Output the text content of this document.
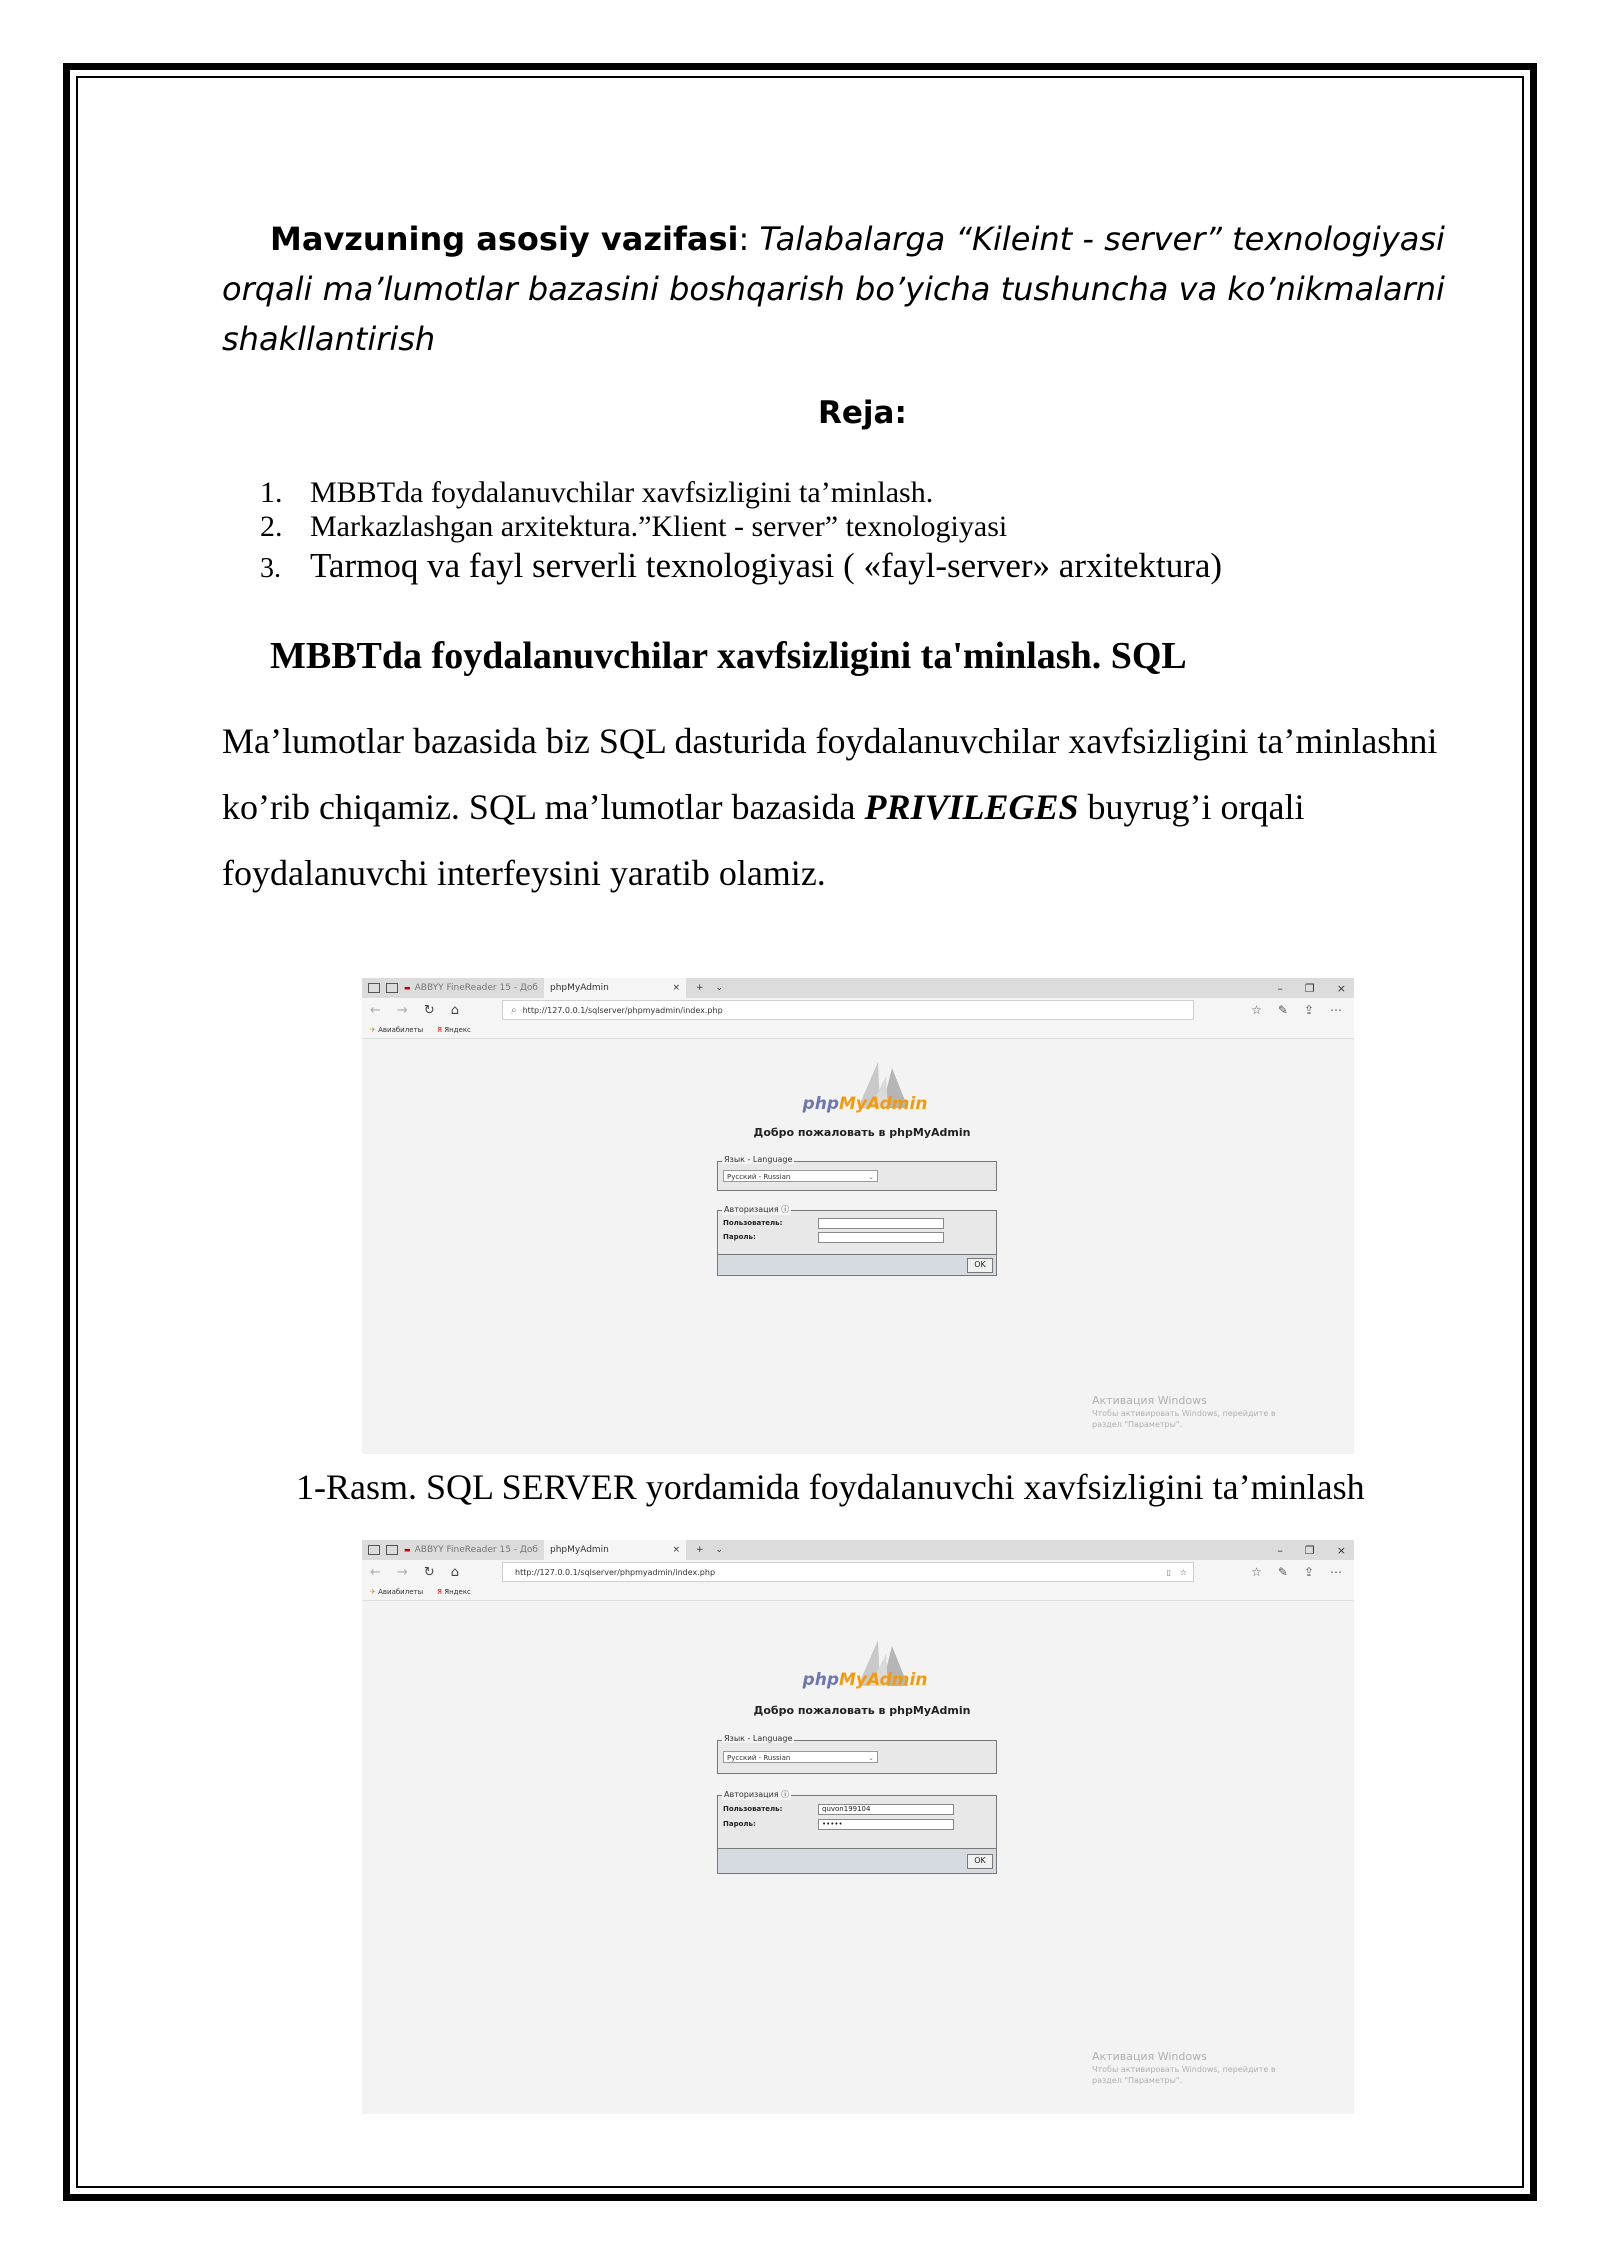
Mavzuning asosiy vazifasi: Talabalarga “Kileint - server” texnologiyasi orqali ma’lumotlar bazasini boshqarish bo’yicha tushuncha va ko’nikmalarni shakllantirish
Reja:
1. MBBTda foydalanuvchilar xavfsizligini ta’minlash.
2. Markazlashgan arxitektura.”Klient - server” texnologiyasi
3. Tarmoq va fayl serverli texnologiyasi ( «fayl-server» arxitektura)
MBBTda foydalanuvchilar xavfsizligini ta'minlash. SQL
Ma’lumotlar bazasida biz SQL dasturida foydalanuvchilar xavfsizligini ta’minlashni ko’rib chiqamiz. SQL ma’lumotlar bazasida PRIVILEGES buyrug’i orqali foydalanuvchi interfeysini yaratib olamiz.
▬ ABBYY FineReader 15 - Доб phpMyAdmin	× + ⌄	– ❐ ×
← → ↻ ⌂	⌕ http://127.0.0.1/sqlserver/phpmyadmin/index.php	☆ ✎ ⇪ ⋯
✈ Авиабилеты Я Яндекс
phpMyAdmin
Добро пожаловать в phpMyAdmin
Язык - Language
Русский - Russian	⌄
Авторизация ⓘ
Пользователь:
Пароль:
OK
Активация Windows
Чтобы активировать Windows, перейдите в
раздел "Параметры".
1-Rasm. SQL SERVER yordamida foydalanuvchi xavfsizligini ta’minlash
▬ ABBYY FineReader 15 - Доб phpMyAdmin	× + ⌄	– ❐ ×
← → ↻ ⌂	http://127.0.0.1/sqlserver/phpmyadmin/index.php	▯ ☆	☆ ✎ ⇪ ⋯
✈ Авиабилеты Я Яндекс
phpMyAdmin
Добро пожаловать в phpMyAdmin
Язык - Language
Русский - Russian	⌄
Авторизация ⓘ
Пользователь:	quvon199104
Пароль:	•••••
OK
Активация Windows
Чтобы активировать Windows, перейдите в
раздел "Параметры".
